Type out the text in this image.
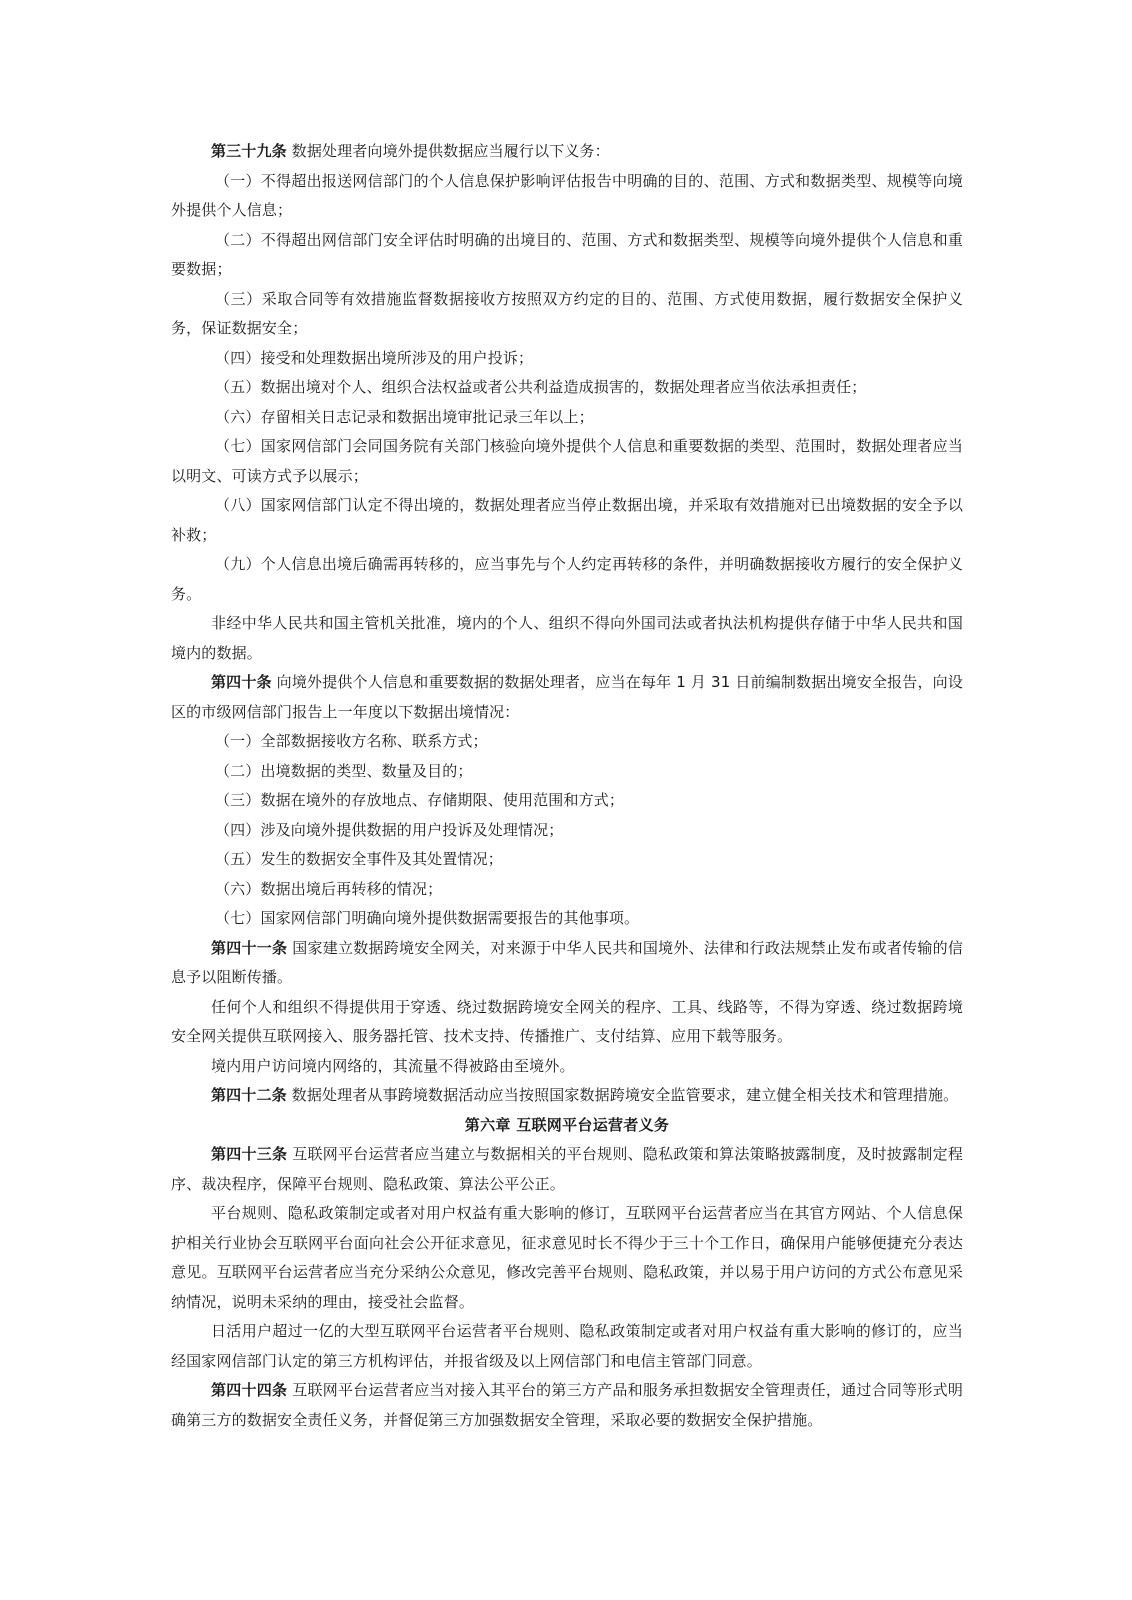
第三十九条 数据处理者向境外提供数据应当履行以下义务：

（一）不得超出报送网信部门的个人信息保护影响评估报告中明确的目的、范围、方式和数据类型、规模等向境外提供个人信息；

（二）不得超出网信部门安全评估时明确的出境目的、范围、方式和数据类型、规模等向境外提供个人信息和重要数据；

（三）采取合同等有效措施监督数据接收方按照双方约定的目的、范围、方式使用数据，履行数据安全保护义务，保证数据安全；

（四）接受和处理数据出境所涉及的用户投诉；

（五）数据出境对个人、组织合法权益或者公共利益造成损害的，数据处理者应当依法承担责任；

（六）存留相关日志记录和数据出境审批记录三年以上；

（七）国家网信部门会同国务院有关部门核验向境外提供个人信息和重要数据的类型、范围时，数据处理者应当以明文、可读方式予以展示；

（八）国家网信部门认定不得出境的，数据处理者应当停止数据出境，并采取有效措施对已出境数据的安全予以补救；

（九）个人信息出境后确需再转移的，应当事先与个人约定再转移的条件，并明确数据接收方履行的安全保护义务。

非经中华人民共和国主管机关批准，境内的个人、组织不得向外国司法或者执法机构提供存储于中华人民共和国境内的数据。

第四十条 向境外提供个人信息和重要数据的数据处理者，应当在每年 1 月 31 日前编制数据出境安全报告，向设区的市级网信部门报告上一年度以下数据出境情况：

（一）全部数据接收方名称、联系方式；

（二）出境数据的类型、数量及目的；

（三）数据在境外的存放地点、存储期限、使用范围和方式；

（四）涉及向境外提供数据的用户投诉及处理情况；

（五）发生的数据安全事件及其处置情况；

（六）数据出境后再转移的情况；

（七）国家网信部门明确向境外提供数据需要报告的其他事项。

第四十一条 国家建立数据跨境安全网关，对来源于中华人民共和国境外、法律和行政法规禁止发布或者传输的信息予以阻断传播。

任何个人和组织不得提供用于穿透、绕过数据跨境安全网关的程序、工具、线路等，不得为穿透、绕过数据跨境安全网关提供互联网接入、服务器托管、技术支持、传播推广、支付结算、应用下载等服务。

境内用户访问境内网络的，其流量不得被路由至境外。

第四十二条 数据处理者从事跨境数据活动应当按照国家数据跨境安全监管要求，建立健全相关技术和管理措施。

第六章 互联网平台运营者义务

第四十三条 互联网平台运营者应当建立与数据相关的平台规则、隐私政策和算法策略披露制度，及时披露制定程序、裁决程序，保障平台规则、隐私政策、算法公平公正。

平台规则、隐私政策制定或者对用户权益有重大影响的修订，互联网平台运营者应当在其官方网站、个人信息保护相关行业协会互联网平台面向社会公开征求意见，征求意见时长不得少于三十个工作日，确保用户能够便捷充分表达意见。互联网平台运营者应当充分采纳公众意见，修改完善平台规则、隐私政策，并以易于用户访问的方式公布意见采纳情况，说明未采纳的理由，接受社会监督。

日活用户超过一亿的大型互联网平台运营者平台规则、隐私政策制定或者对用户权益有重大影响的修订的，应当经国家网信部门认定的第三方机构评估，并报省级及以上网信部门和电信主管部门同意。

第四十四条 互联网平台运营者应当对接入其平台的第三方产品和服务承担数据安全管理责任，通过合同等形式明确第三方的数据安全责任义务，并督促第三方加强数据安全管理，采取必要的数据安全保护措施。
